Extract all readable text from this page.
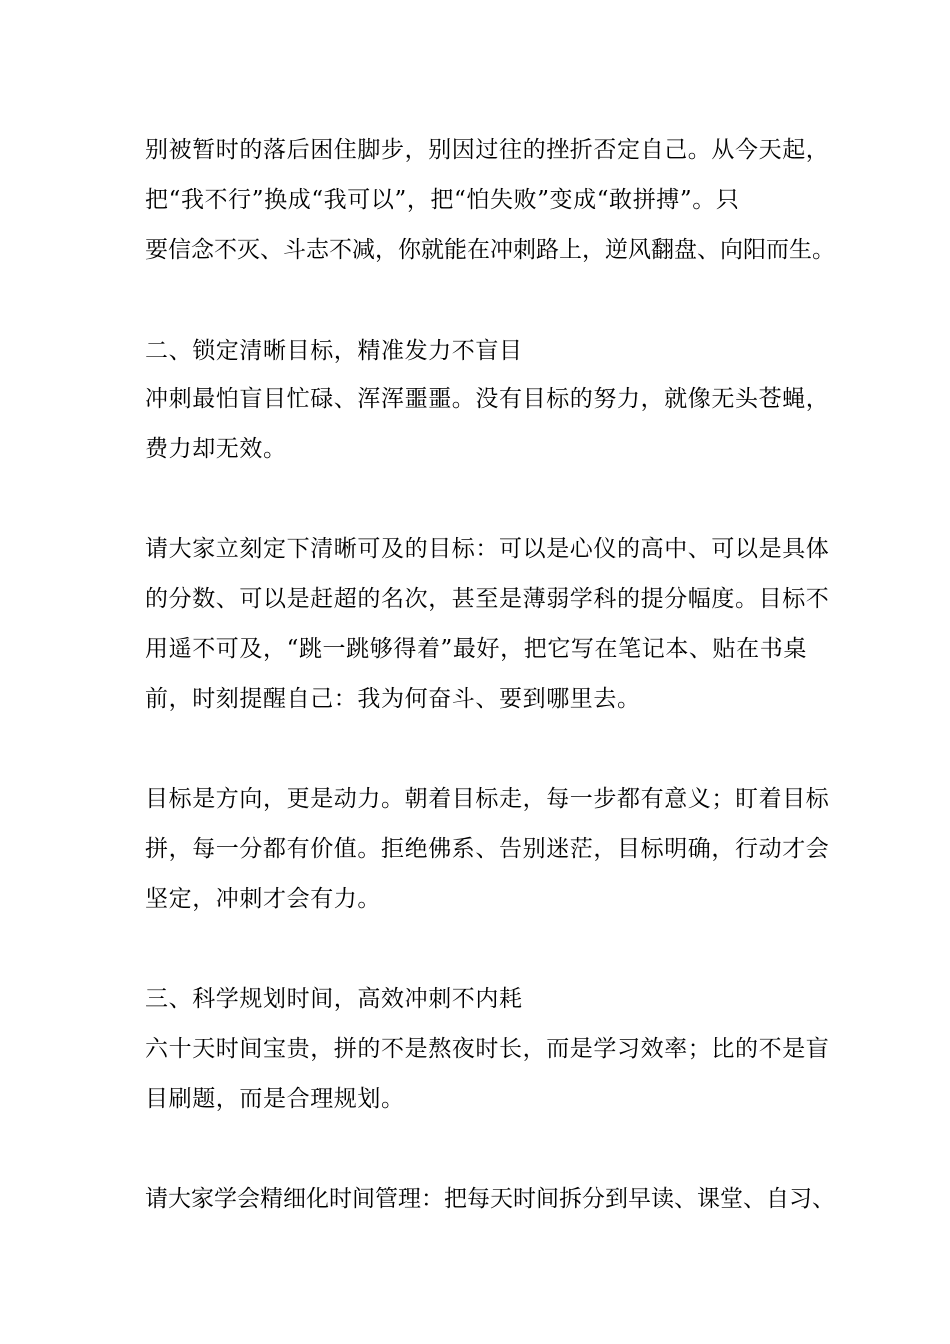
别被暂时的落后困住脚步，别因过往的挫折否定自己。从今天起，
把“我不行”换成“我可以”，把“怕失败”变成“敢拼搏”。只
要信念不灭、斗志不减，你就能在冲刺路上，逆风翻盘、向阳而生。
二、锁定清晰目标，精准发力不盲目
冲刺最怕盲目忙碌、浑浑噩噩。没有目标的努力，就像无头苍蝇，
费力却无效。
请大家立刻定下清晰可及的目标：可以是心仪的高中、可以是具体
的分数、可以是赶超的名次，甚至是薄弱学科的提分幅度。目标不
用遥不可及，“跳一跳够得着”最好，把它写在笔记本、贴在书桌
前，时刻提醒自己：我为何奋斗、要到哪里去。
目标是方向，更是动力。朝着目标走，每一步都有意义；盯着目标
拼，每一分都有价值。拒绝佛系、告别迷茫，目标明确，行动才会
坚定，冲刺才会有力。
三、科学规划时间，高效冲刺不内耗
六十天时间宝贵，拼的不是熬夜时长，而是学习效率；比的不是盲
目刷题，而是合理规划。
请大家学会精细化时间管理：把每天时间拆分到早读、课堂、自习、
